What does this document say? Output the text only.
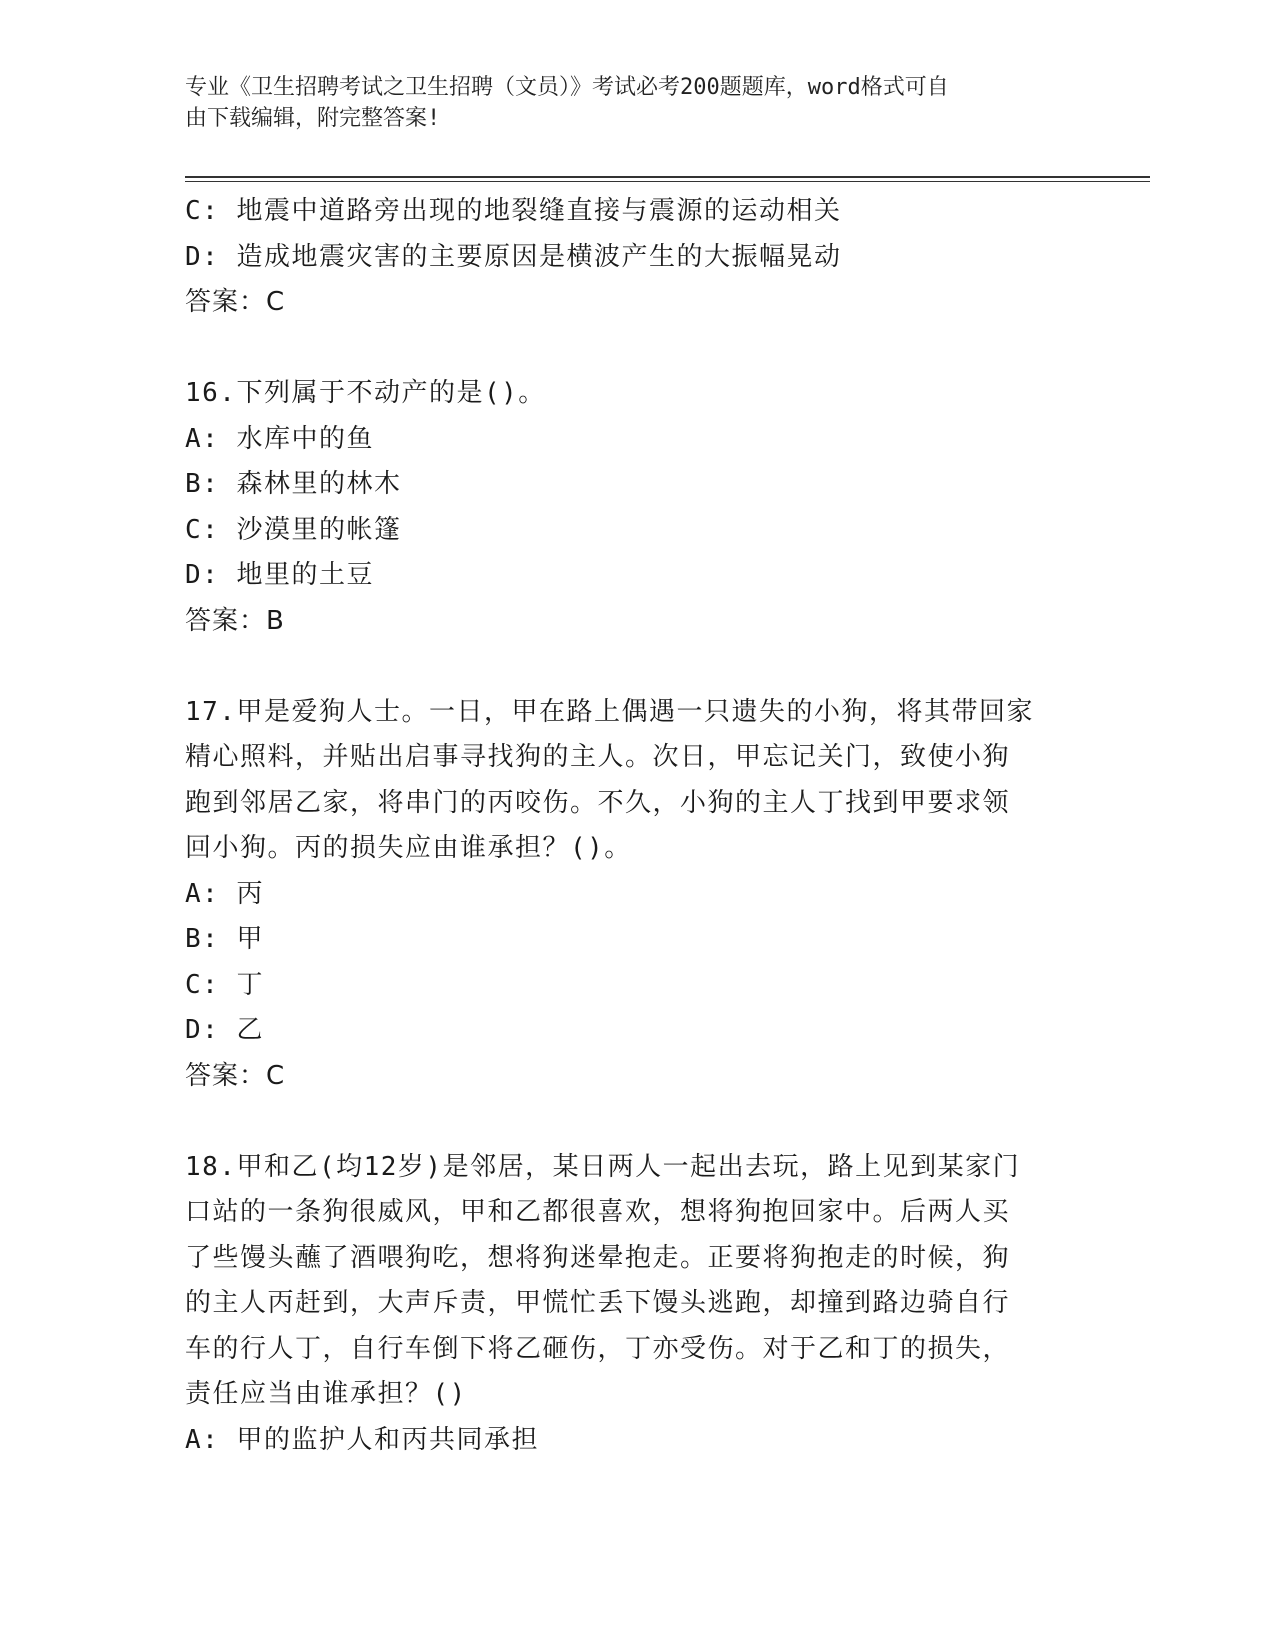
专业《卫生招聘考试之卫生招聘（文员）》考试必考200题题库，word格式可自
由下载编辑，附完整答案!
C: 地震中道路旁出现的地裂缝直接与震源的运动相关
D: 造成地震灾害的主要原因是横波产生的大振幅晃动
答案：C
16.下列属于不动产的是()。
A: 水库中的鱼
B: 森林里的林木
C: 沙漠里的帐篷
D: 地里的土豆
答案：B
17.甲是爱狗人士。一日，甲在路上偶遇一只遗失的小狗，将其带回家
精心照料，并贴出启事寻找狗的主人。次日，甲忘记关门，致使小狗
跑到邻居乙家，将串门的丙咬伤。不久，小狗的主人丁找到甲要求领
回小狗。丙的损失应由谁承担？()。
A: 丙
B: 甲
C: 丁
D: 乙
答案：C
18.甲和乙(均12岁)是邻居，某日两人一起出去玩，路上见到某家门
口站的一条狗很威风，甲和乙都很喜欢，想将狗抱回家中。后两人买
了些馒头蘸了酒喂狗吃，想将狗迷晕抱走。正要将狗抱走的时候，狗
的主人丙赶到，大声斥责，甲慌忙丢下馒头逃跑，却撞到路边骑自行
车的行人丁，自行车倒下将乙砸伤，丁亦受伤。对于乙和丁的损失，
责任应当由谁承担？()
A: 甲的监护人和丙共同承担
